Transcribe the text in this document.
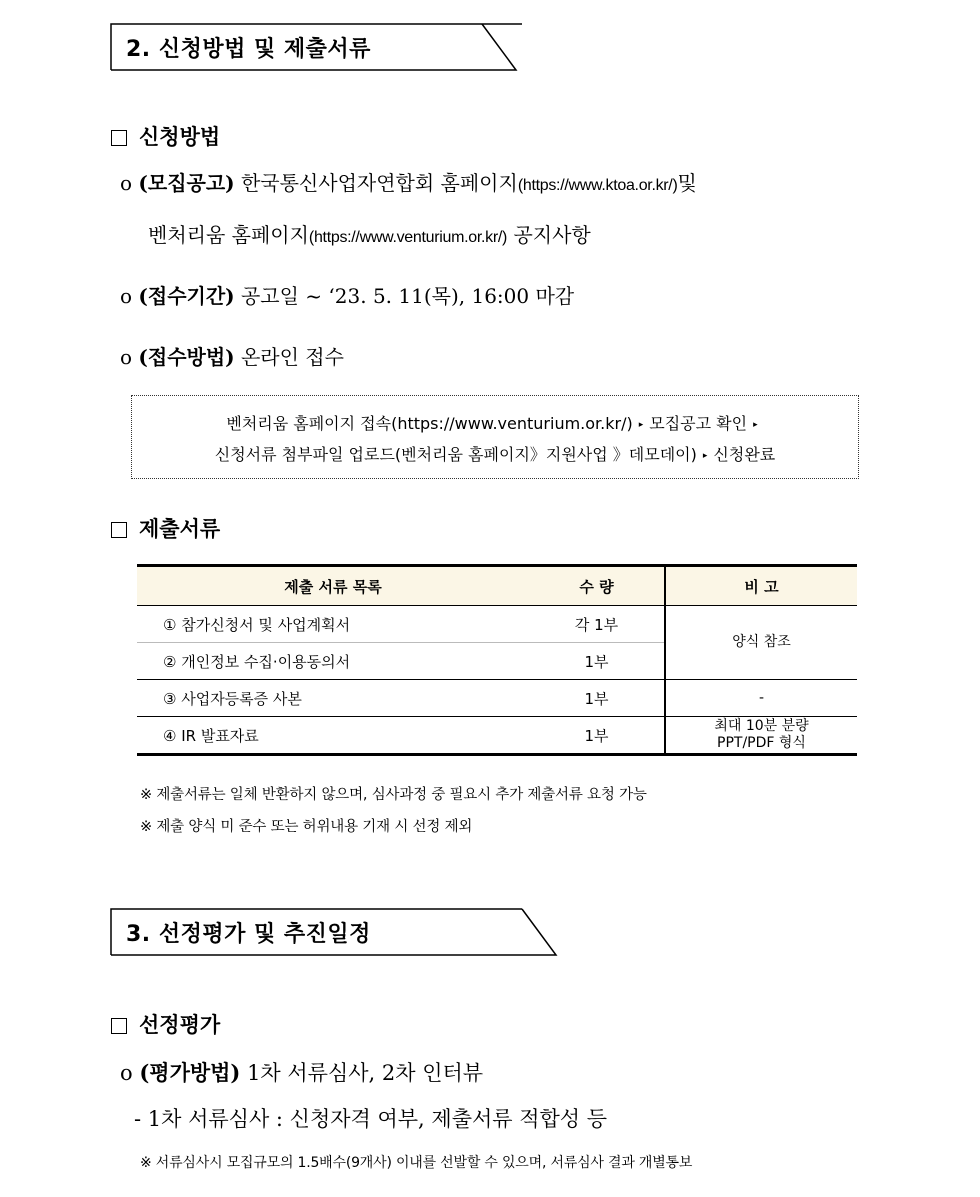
2. 신청방법 및 제출서류
신청방법
o (모집공고) 한국통신사업자연합회 홈페이지(https://www.ktoa.or.kr/)및
벤처리움 홈페이지(https://www.venturium.or.kr/) 공지사항
o (접수기간) 공고일 ~ ‘23. 5. 11(목), 16:00 마감
o (접수방법) 온라인 접수
벤처리움 홈페이지 접속(https://www.venturium.or.kr/) ▸ 모집공고 확인 ▸
신청서류 첨부파일 업로드(벤처리움 홈페이지》지원사업 》데모데이) ▸ 신청완료
제출서류
제출 서류 목록	수 량	비 고
① 참가신청서 및 사업계획서	각 1부	양식 참조
② 개인정보 수집·이용동의서	1부	
③ 사업자등록증 사본	1부	-
④ IR 발표자료	1부	최대 10분 분량
PPT/PDF 형식
※ 제출서류는 일체 반환하지 않으며, 심사과정 중 필요시 추가 제출서류 요청 가능
※ 제출 양식 미 준수 또는 허위내용 기재 시 선정 제외
3. 선정평가 및 추진일정
선정평가
o (평가방법) 1차 서류심사, 2차 인터뷰
- 1차 서류심사 : 신청자격 여부, 제출서류 적합성 등
※ 서류심사시 모집규모의 1.5배수(9개사) 이내를 선발할 수 있으며, 서류심사 결과 개별통보
